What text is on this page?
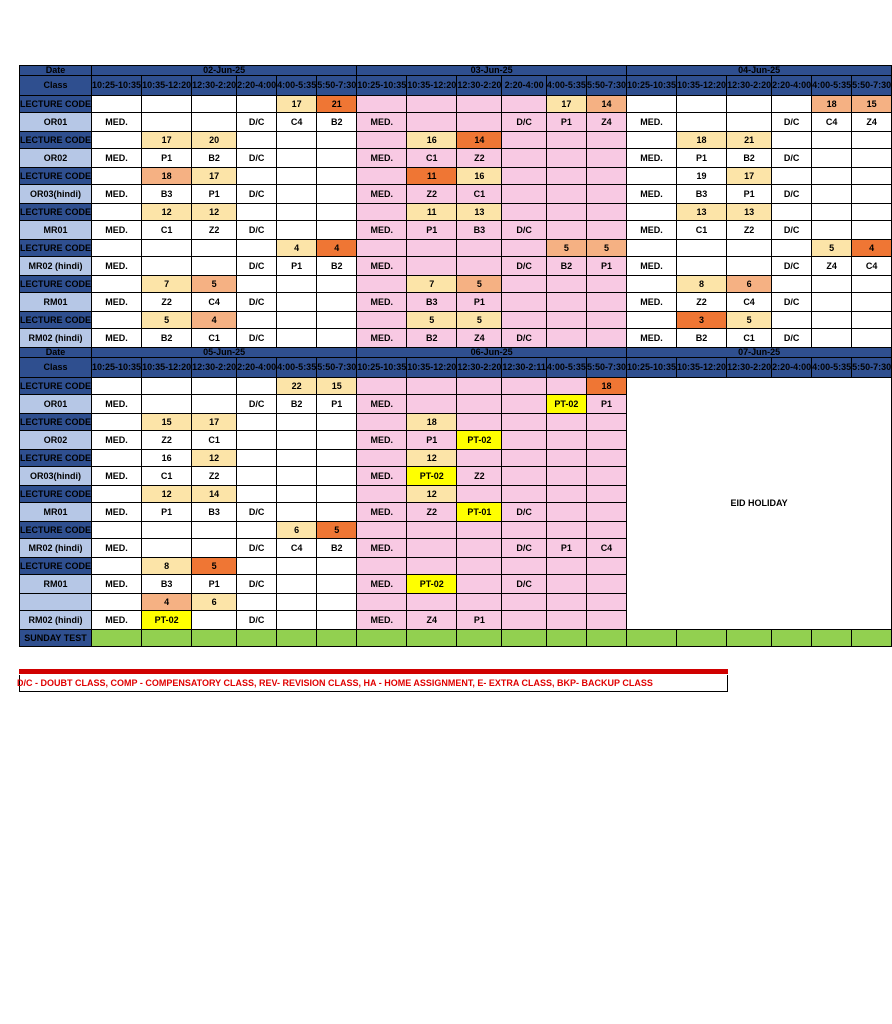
Date	02-Jun-25						03-Jun-25						04-Jun-25					
Class	10:25-10:35	10:35-12:20	12:30-2:20	2:20-4:00	4:00-5:35	5:50-7:30	10:25-10:35	10:35-12:20	12:30-2:20	2:20-4:00	4:00-5:35	5:50-7:30	10:25-10:35	10:35-12:20	12:30-2:20	2:20-4:00	4:00-5:35	5:50-7:30
LECTURE CODE					17	21					17	14					18	15
OR01	MED.			D/C	C4	B2	MED.			D/C	P1	Z4	MED.			D/C	C4	Z4
LECTURE CODE		17	20					16	14					18	21			
OR02	MED.	P1	B2	D/C			MED.	C1	Z2				MED.	P1	B2	D/C		
LECTURE CODE		18	17					11	16					19	17			
OR03(hindi)	MED.	B3	P1	D/C			MED.	Z2	C1				MED.	B3	P1	D/C		
LECTURE CODE		12	12					11	13					13	13			
MR01	MED.	C1	Z2	D/C			MED.	P1	B3	D/C			MED.	C1	Z2	D/C		
LECTURE CODE					4	4					5	5					5	4
MR02 (hindi)	MED.			D/C	P1	B2	MED.			D/C	B2	P1	MED.			D/C	Z4	C4
LECTURE CODE		7	5					7	5					8	6			
RM01	MED.	Z2	C4	D/C			MED.	B3	P1				MED.	Z2	C4	D/C		
LECTURE CODE		5	4					5	5					3	5			
RM02 (hindi)	MED.	B2	C1	D/C			MED.	B2	Z4	D/C			MED.	B2	C1	D/C		
Date	05-Jun-25						06-Jun-25						07-Jun-25					
Class	10:25-10:35	10:35-12:20	12:30-2:20	2:20-4:00	4:00-5:35	5:50-7:30	10:25-10:35	10:35-12:20	12:30-2:20	12:30-2:11	4:00-5:35	5:50-7:30	10:25-10:35	10:35-12:20	12:30-2:20	2:20-4:00	4:00-5:35	5:50-7:30
LECTURE CODE					22	15						18	EID HOLIDAY					
OR01	MED.			D/C	B2	P1	MED.				PT-02	P1						
LECTURE CODE		15	17					18										
OR02	MED.	Z2	C1				MED.	P1	PT-02									
LECTURE CODE		16	12					12										
OR03(hindi)	MED.	C1	Z2				MED.	PT-02	Z2									
LECTURE CODE		12	14					12										
MR01	MED.	P1	B3	D/C			MED.	Z2	PT-01	D/C								
LECTURE CODE					6	5												
MR02 (hindi)	MED.			D/C	C4	B2	MED.			D/C	P1	C4						
LECTURE CODE		8	5															
RM01	MED.	B3	P1	D/C			MED.	PT-02		D/C								
		4	6															
RM02 (hindi)	MED.	PT-02		D/C			MED.	Z4	P1									
SUNDAY TEST																		
D/C - DOUBT CLASS, COMP - COMPENSATORY CLASS, REV- REVISION CLASS, HA - HOME ASSIGNMENT, E- EXTRA CLASS, BKP- BACKUP CLASS
